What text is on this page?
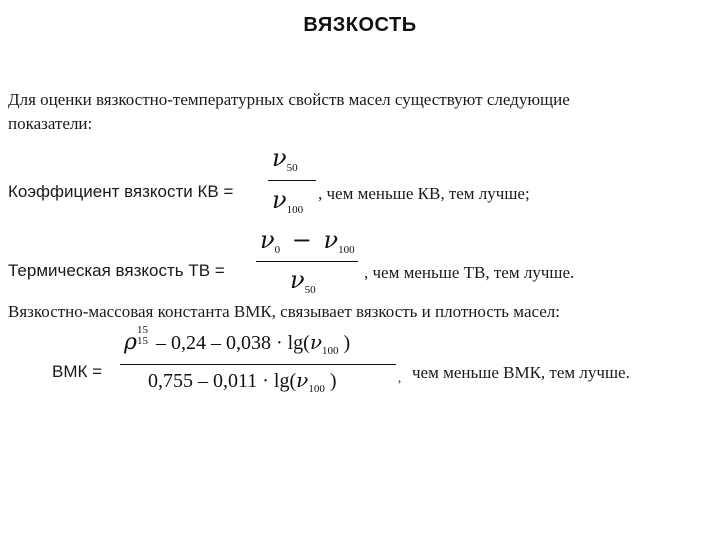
ВЯЗКОСТЬ
Для оценки вязкостно-температурных свойств масел существуют следующие
показатели:
Коэффициент вязкости КВ =
$\nu_{50}$
$\nu_{100}$
, чем меньше КВ, тем лучше;
Термическая вязкость ТВ =
$\nu_0 - \nu_{100}$
$\nu_{50}$
, чем меньше ТВ, тем лучше.
Вязкостно-массовая константа ВМК, связывает вязкость и плотность масел:
ВМК =
ρ 15
$15 - 0,24 - 0,038 \cdot \lg(\nu_{100}$ )
$0,755 - 0,011 \cdot \lg(\nu_{100}$ )	, чем меньше ВМК, тем лучше.
